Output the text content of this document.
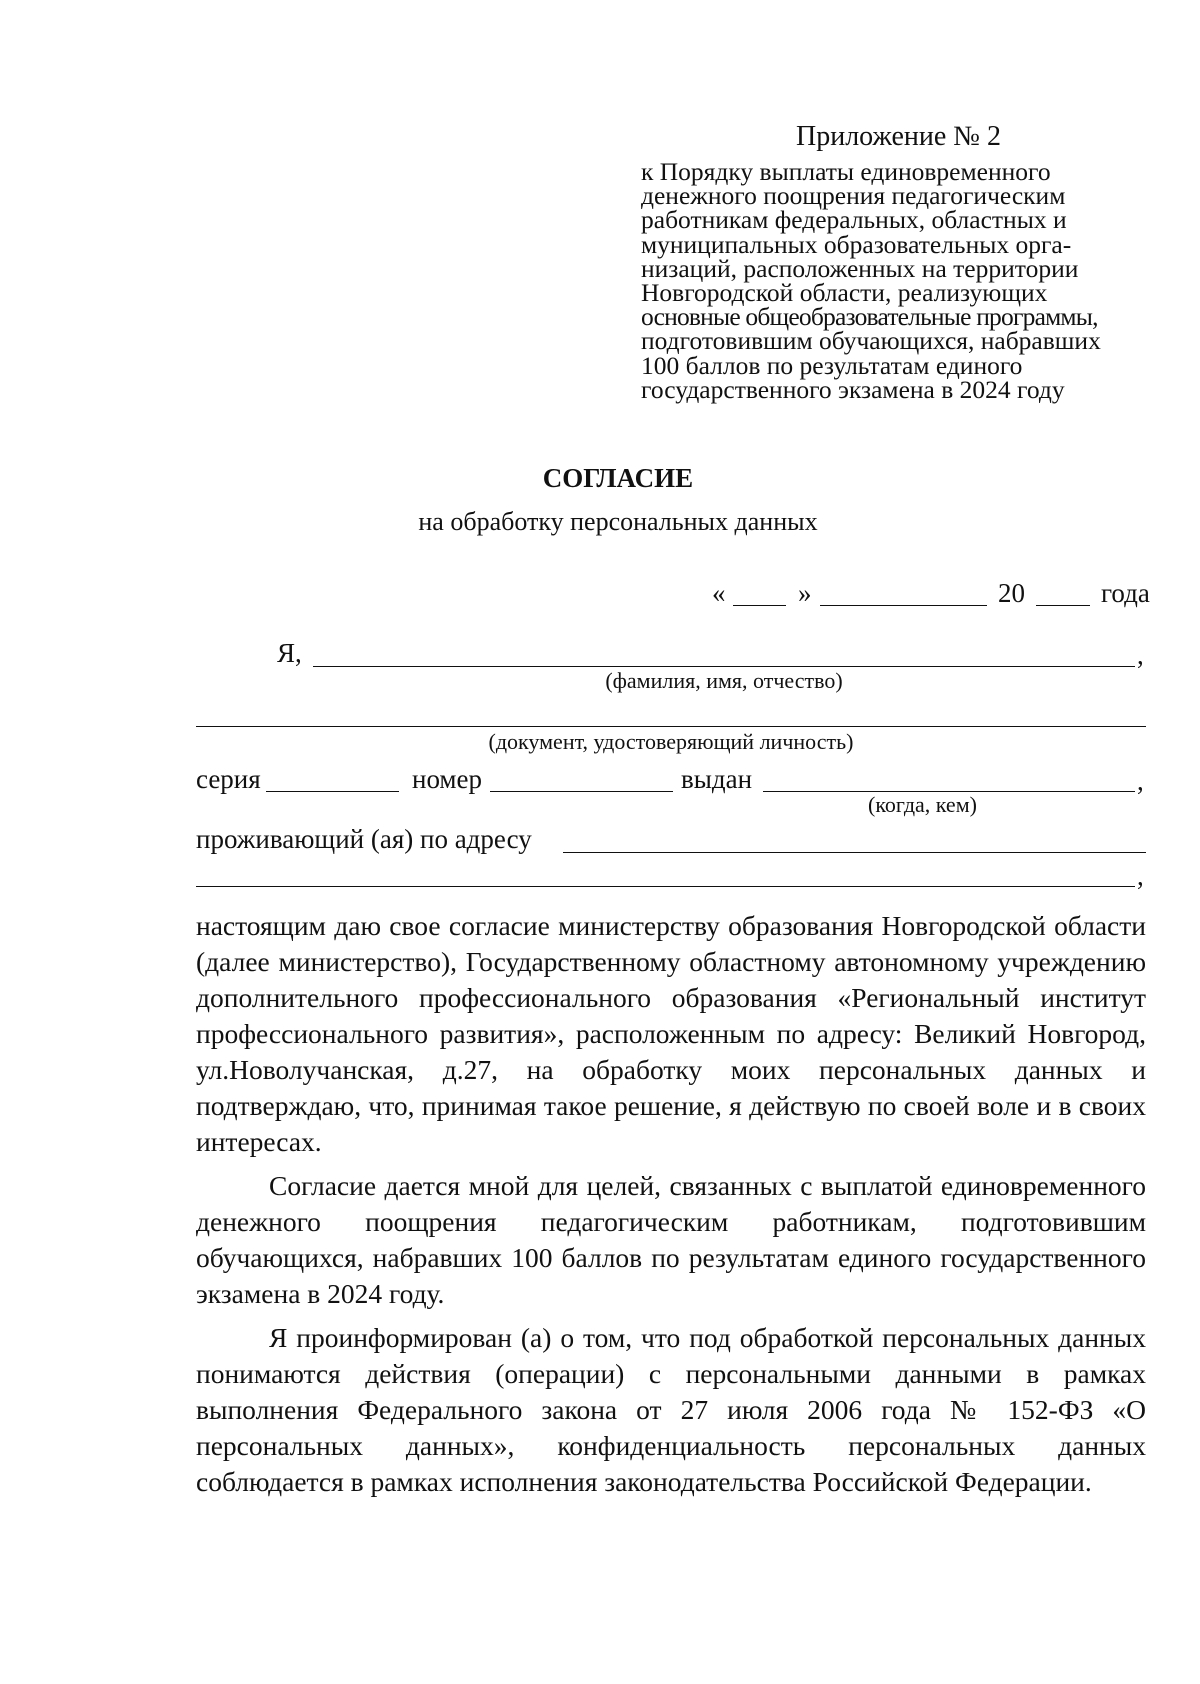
Приложение № 2
к Порядку выплаты единовременного
денежного поощрения педагогическим
работникам федеральных, областных и
муниципальных образовательных орга-
низаций, расположенных на территории
Новгородской области, реализующих
основные общеобразовательные программы,
подготовившим обучающихся, набравших
100 баллов по результатам единого
государственного экзамена в 2024 году
СОГЛАСИЕ
на обработку персональных данных
«	»	20	года
Я,	,
(фамилия, имя, отчество)
(документ, удостоверяющий личность)
серия	номер	выдан	,
(когда, кем)
проживающий (ая) по адресу
,

настоящим даю свое согласие министерству образования Новгородской области (далее министерство), Государственному областному автономному учреждению дополнительного профессионального образования «Региональный институт профессионального развития», расположенным по адресу: Великий Новгород, ул.Новолучанская, д.27, на обработку моих персональных данных и подтверждаю, что, принимая такое решение, я действую по своей воле и в своих интересах.

Согласие дается мной для целей, связанных с выплатой единовременного денежного поощрения педагогическим работникам, подготовившим обучающихся, набравших 100 баллов по результатам единого государственного экзамена в 2024 году.

Я проинформирован (а) о том, что под обработкой персональных данных понимаются действия (операции) с персональными данными в рамках выполнения Федерального закона от 27 июля 2006 года № 152-ФЗ «О персональных данных», конфиденциальность персональных данных соблюдается в рамках исполнения законодательства Российской Федерации.
